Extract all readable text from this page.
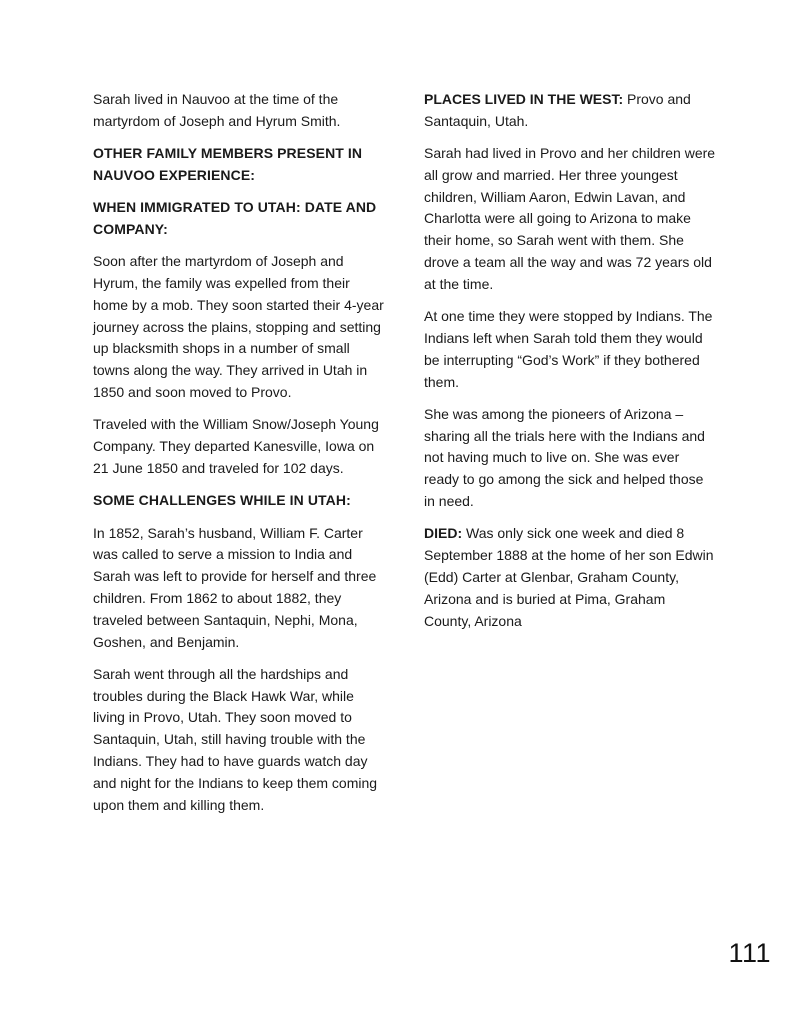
Sarah lived in Nauvoo at the time of the martyrdom of Joseph and Hyrum Smith.

OTHER FAMILY MEMBERS PRESENT IN NAUVOO EXPERIENCE:

WHEN IMMIGRATED TO UTAH: DATE AND COMPANY:

Soon after the martyrdom of Joseph and Hyrum, the family was expelled from their home by a mob. They soon started their 4-year journey across the plains, stopping and setting up blacksmith shops in a number of small towns along the way. They arrived in Utah in 1850 and soon moved to Provo.

Traveled with the William Snow/Joseph Young Company. They departed Kanesville, Iowa on 21 June 1850 and traveled for 102 days.

SOME CHALLENGES WHILE IN UTAH:

In 1852, Sarah’s husband, William F. Carter was called to serve a mission to India and Sarah was left to provide for herself and three children. From 1862 to about 1882, they traveled between Santaquin, Nephi, Mona, Goshen, and Benjamin.

Sarah went through all the hardships and troubles during the Black Hawk War, while living in Provo, Utah. They soon moved to Santaquin, Utah, still having trouble with the Indians. They had to have guards watch day and night for the Indians to keep them coming upon them and killing them.

PLACES LIVED IN THE WEST: Provo and Santaquin, Utah.

Sarah had lived in Provo and her children were all grow and married. Her three youngest children, William Aaron, Edwin Lavan, and Charlotta were all going to Arizona to make their home, so Sarah went with them. She drove a team all the way and was 72 years old at the time.

At one time they were stopped by Indians. The Indians left when Sarah told them they would be interrupting “God’s Work” if they bothered them.

She was among the pioneers of Arizona – sharing all the trials here with the Indians and not having much to live on. She was ever ready to go among the sick and helped those in need.

DIED: Was only sick one week and died 8 September 1888 at the home of her son Edwin (Edd) Carter at Glenbar, Graham County, Arizona and is buried at Pima, Graham County, Arizona

111
